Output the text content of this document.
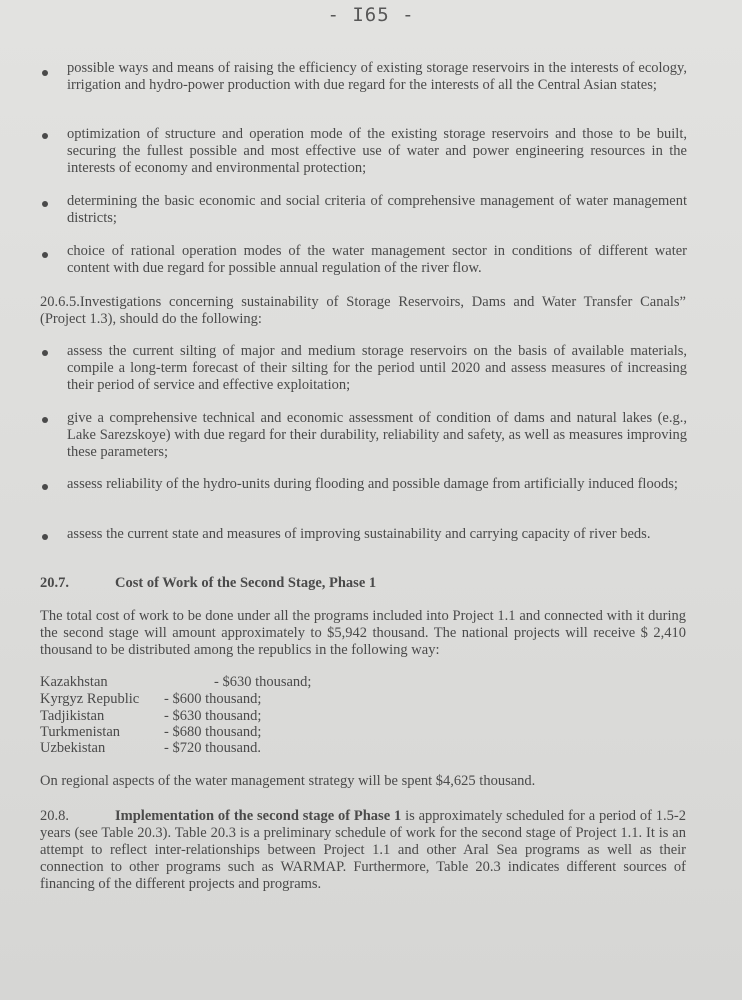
- I65 -
possible ways and means of raising the efficiency of existing storage reservoirs in the interests of ecology, irrigation and hydro-power production with due regard for the interests of all the Central Asian states;
optimization of structure and operation mode of the existing storage reservoirs and those to be built, securing the fullest possible and most effective use of water and power engineering resources in the interests of economy and environmental protection;
determining the basic economic and social criteria of comprehensive management of water management districts;
choice of rational operation modes of the water management sector in conditions of different water content with due regard for possible annual regulation of the river flow.
20.6.5.Investigations concerning sustainability of Storage Reservoirs, Dams and Water Transfer Canals” (Project 1.3), should do the following:
assess the current silting of major and medium storage reservoirs on the basis of available materials, compile a long-term forecast of their silting for the period until 2020 and assess measures of increasing their period of service and effective exploitation;
give a comprehensive technical and economic assessment of condition of dams and natural lakes (e.g., Lake Sarezskoye) with due regard for their durability, reliability and safety, as well as measures improving these parameters;
assess reliability of the hydro-units during flooding and possible damage from artificially induced floods;
assess the current state and measures of improving sustainability and carrying capacity of river beds.
20.7.	Cost of Work of the Second Stage, Phase 1
The total cost of work to be done under all the programs included into Project 1.1 and connected with it during the second stage will amount approximately to $5,942 thousand. The national projects will receive $ 2,410 thousand to be distributed among the republics in the following way:
Kazakhstan	- $630 thousand;
Kyrgyz Republic - $600 thousand;
Tadjikistan	- $630 thousand;
Turkmenistan	- $680 thousand;
Uzbekistan	- $720 thousand.
On regional aspects of the water management strategy will be spent $4,625 thousand.
20.8.	Implementation of the second stage of Phase 1 is approximately scheduled for a period of 1.5-2 years (see Table 20.3). Table 20.3 is a preliminary schedule of work for the second stage of Project 1.1. It is an attempt to reflect inter-relationships between Project 1.1 and other Aral Sea programs as well as their connection to other programs such as WARMAP. Furthermore, Table 20.3 indicates different sources of financing of the different projects and programs.
